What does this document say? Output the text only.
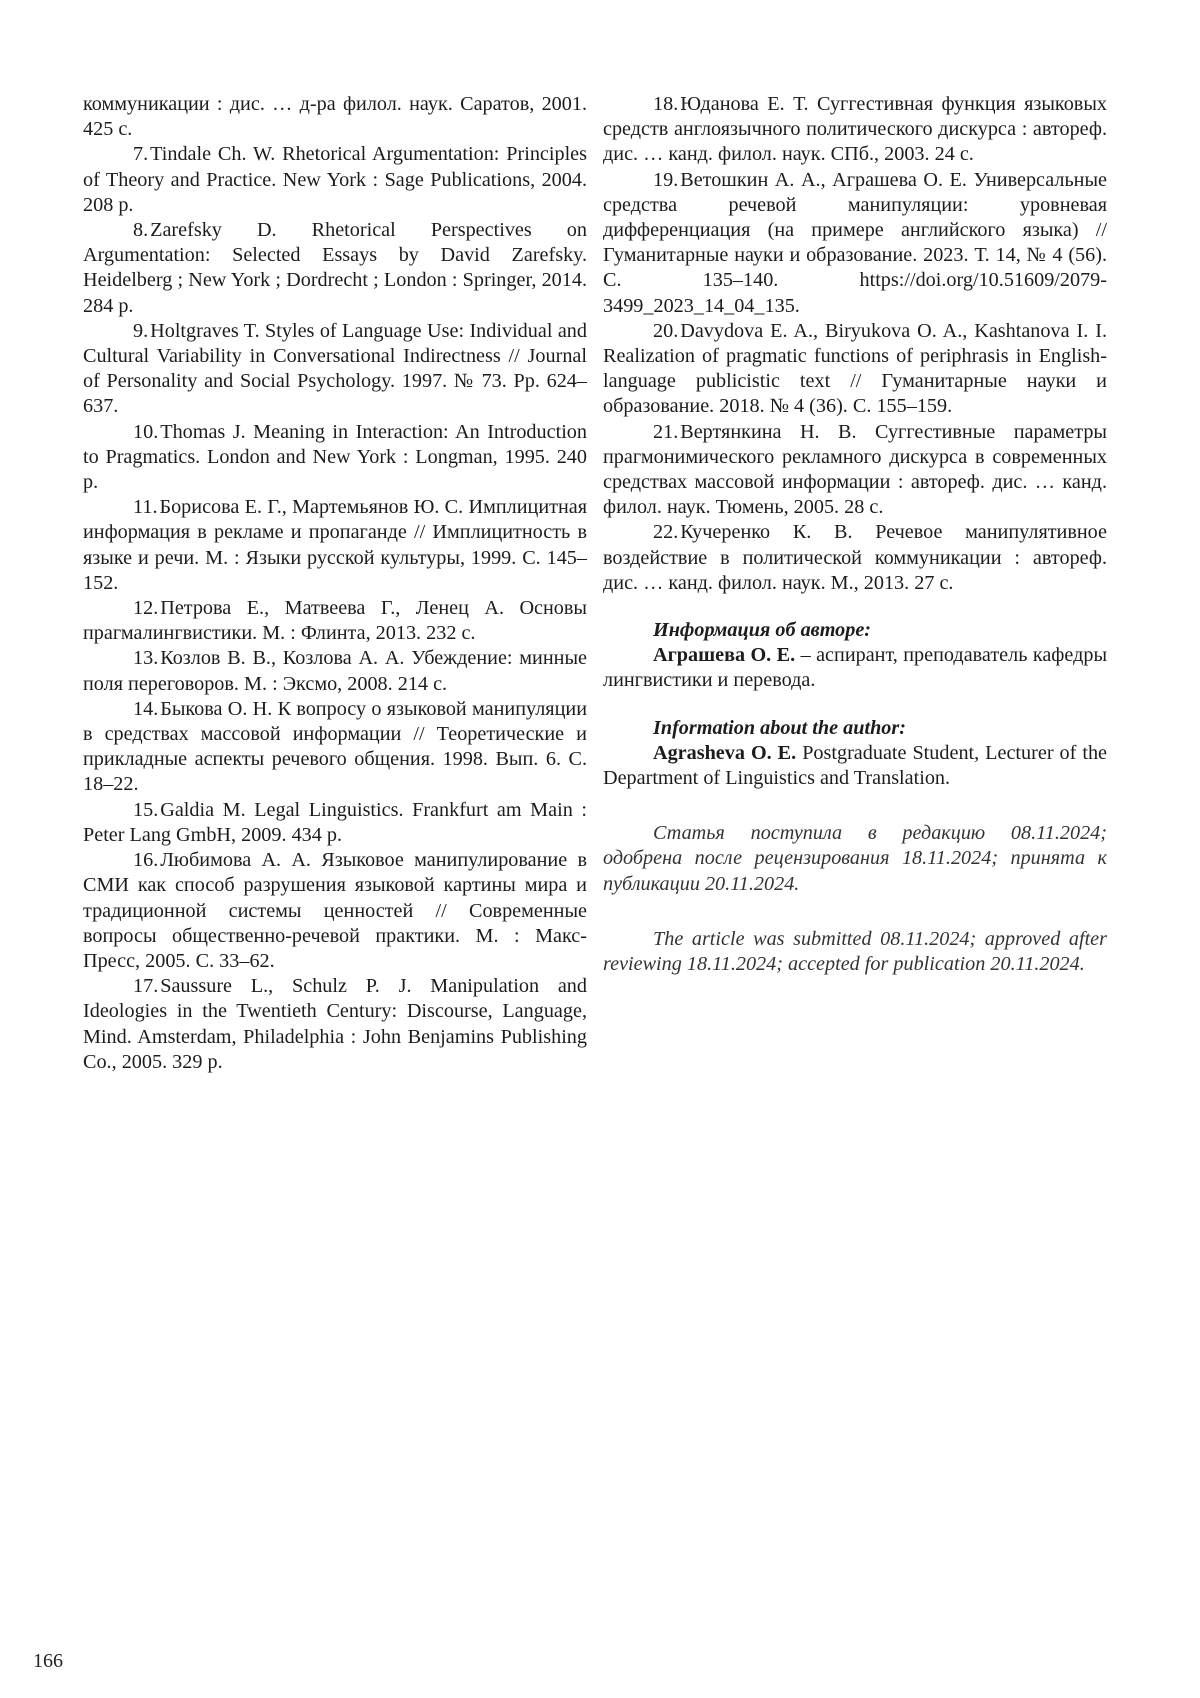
коммуникации : дис. … д-ра филол. наук. Саратов, 2001. 425 с.

7.Tindale Ch. W. Rhetorical Argumentation: Principles of Theory and Practice. New York : Sage Publications, 2004. 208 p.

8.Zarefsky D. Rhetorical Perspectives on Argumentation: Selected Essays by David Zarefsky. Heidelberg ; New York ; Dordrecht ; London : Springer, 2014. 284 p.

9.Holtgraves T. Styles of Language Use: Individual and Cultural Variability in Conversational Indirectness // Journal of Personality and Social Psychology. 1997. № 73. Pp. 624–637.

10.Thomas J. Meaning in Interaction: An Introduction to Pragmatics. London and New York : Longman, 1995. 240 p.

11.Борисова Е. Г., Мартемьянов Ю. С. Имплицитная информация в рекламе и пропаганде // Имплицитность в языке и речи. М. : Языки русской культуры, 1999. С. 145–152.

12.Петрова Е., Матвеева Г., Ленец А. Основы прагмалингвистики. М. : Флинта, 2013. 232 с.

13.Козлов В. В., Козлова А. А. Убеждение: минные поля переговоров. М. : Эксмо, 2008. 214 с.

14.Быкова О. Н. К вопросу о языковой манипуляции в средствах массовой информации // Теоретические и прикладные аспекты речевого общения. 1998. Вып. 6. С. 18–22.

15.Galdia M. Legal Linguistics. Frankfurt am Main : Peter Lang GmbH, 2009. 434 p.

16.Любимова А. А. Языковое манипулирование в СМИ как способ разрушения языковой картины мира и традиционной системы ценностей // Современные вопросы общественно-речевой практики. М. : Макс-Пресс, 2005. С. 33–62.

17.Saussure L., Schulz P. J. Manipulation and Ideologies in the Twentieth Century: Discourse, Language, Mind. Amsterdam, Philadelphia : John Benjamins Publishing Co., 2005. 329 p.

18.Юданова Е. Т. Суггестивная функция языковых средств англоязычного политического дискурса : автореф. дис. … канд. филол. наук. СПб., 2003. 24 с.

19.Ветошкин А. А., Аграшева О. Е. Универсальные средства речевой манипуляции: уровневая дифференциация (на примере английского языка) // Гуманитарные науки и образование. 2023. Т. 14, № 4 (56). С. 135–140. https://doi.org/10.51609/2079-3499_2023_14_04_135.

20.Davydova E. A., Biryukova O. A., Kashtanova I. I. Realization of pragmatic functions of periphrasis in English-language publicistic text // Гуманитарные науки и образование. 2018. № 4 (36). С. 155–159.

21.Вертянкина Н. В. Суггестивные параметры прагмонимического рекламного дискурса в современных средствах массовой информации : автореф. дис. … канд. филол. наук. Тюмень, 2005. 28 с.

22.Кучеренко К. В. Речевое манипулятивное воздействие в политической коммуникации : автореф. дис. … канд. филол. наук. М., 2013. 27 с.

Информация об авторе:

Аграшева О. Е. – аспирант, преподаватель кафедры лингвистики и перевода.

Information about the author:

Agrasheva O. E. Postgraduate Student, Lecturer of the Department of Linguistics and Translation.

Статья поступила в редакцию 08.11.2024; одобрена после рецензирования 18.11.2024; принята к публикации 20.11.2024.

The article was submitted 08.11.2024; approved after reviewing 18.11.2024; accepted for publication 20.11.2024.

166
